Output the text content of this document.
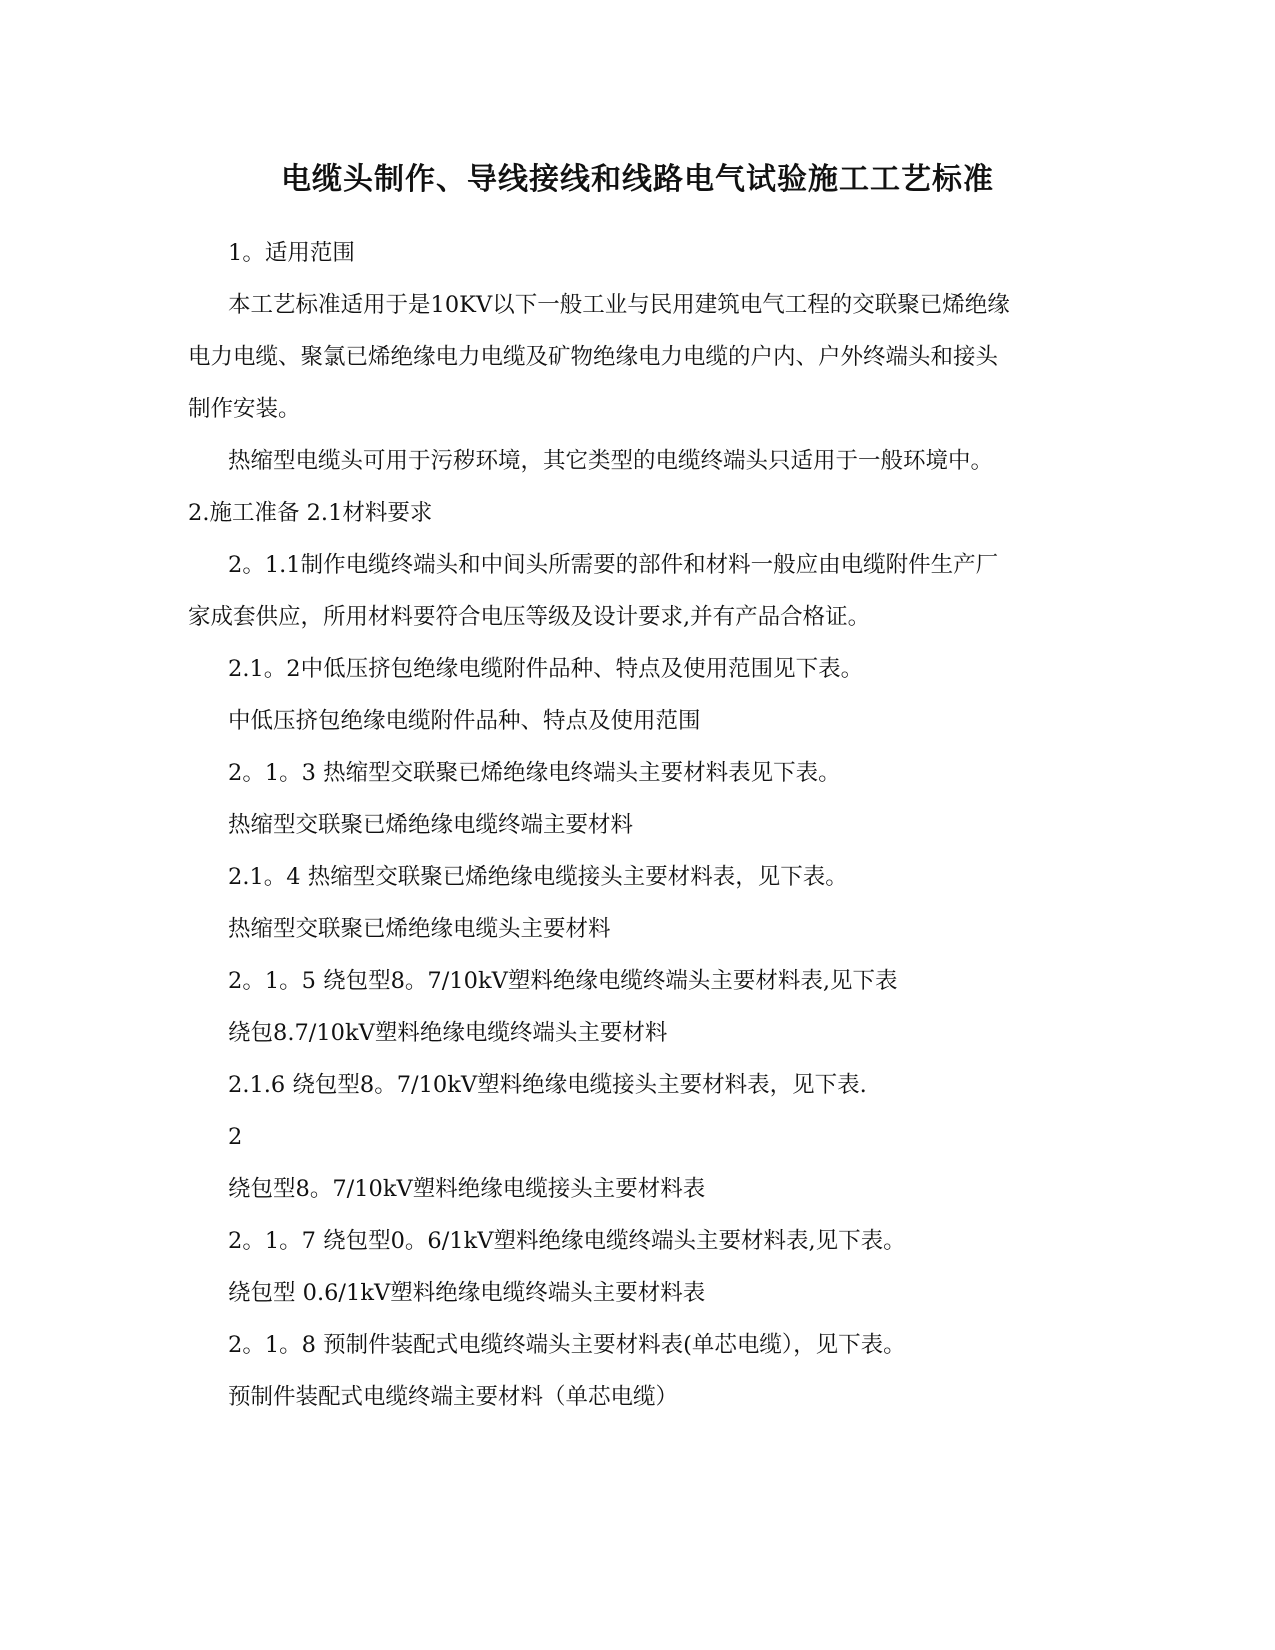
电缆头制作、导线接线和线路电气试验施工工艺标准

1。适用范围

本工艺标准适用于是10KV以下一般工业与民用建筑电气工程的交联聚已烯绝缘

电力电缆、聚氯已烯绝缘电力电缆及矿物绝缘电力电缆的户内、户外终端头和接头

制作安装。

热缩型电缆头可用于污秽环境，其它类型的电缆终端头只适用于一般环境中。

2.施工准备 2.1材料要求

2。1.1制作电缆终端头和中间头所需要的部件和材料一般应由电缆附件生产厂

家成套供应，所用材料要符合电压等级及设计要求,并有产品合格证。

2.1。2中低压挤包绝缘电缆附件品种、特点及使用范围见下表。

中低压挤包绝缘电缆附件品种、特点及使用范围

2。1。3 热缩型交联聚已烯绝缘电终端头主要材料表见下表。

热缩型交联聚已烯绝缘电缆终端主要材料

2.1。4 热缩型交联聚已烯绝缘电缆接头主要材料表，见下表。

热缩型交联聚已烯绝缘电缆头主要材料

2。1。5 绕包型8。7/10kV塑料绝缘电缆终端头主要材料表,见下表

绕包8.7/10kV塑料绝缘电缆终端头主要材料

2.1.6 绕包型8。7/10kV塑料绝缘电缆接头主要材料表，见下表.

2

绕包型8。7/10kV塑料绝缘电缆接头主要材料表

2。1。7 绕包型0。6/1kV塑料绝缘电缆终端头主要材料表,见下表。

绕包型 0.6/1kV塑料绝缘电缆终端头主要材料表

2。1。8 预制件装配式电缆终端头主要材料表(单芯电缆），见下表。

预制件装配式电缆终端主要材料（单芯电缆）
